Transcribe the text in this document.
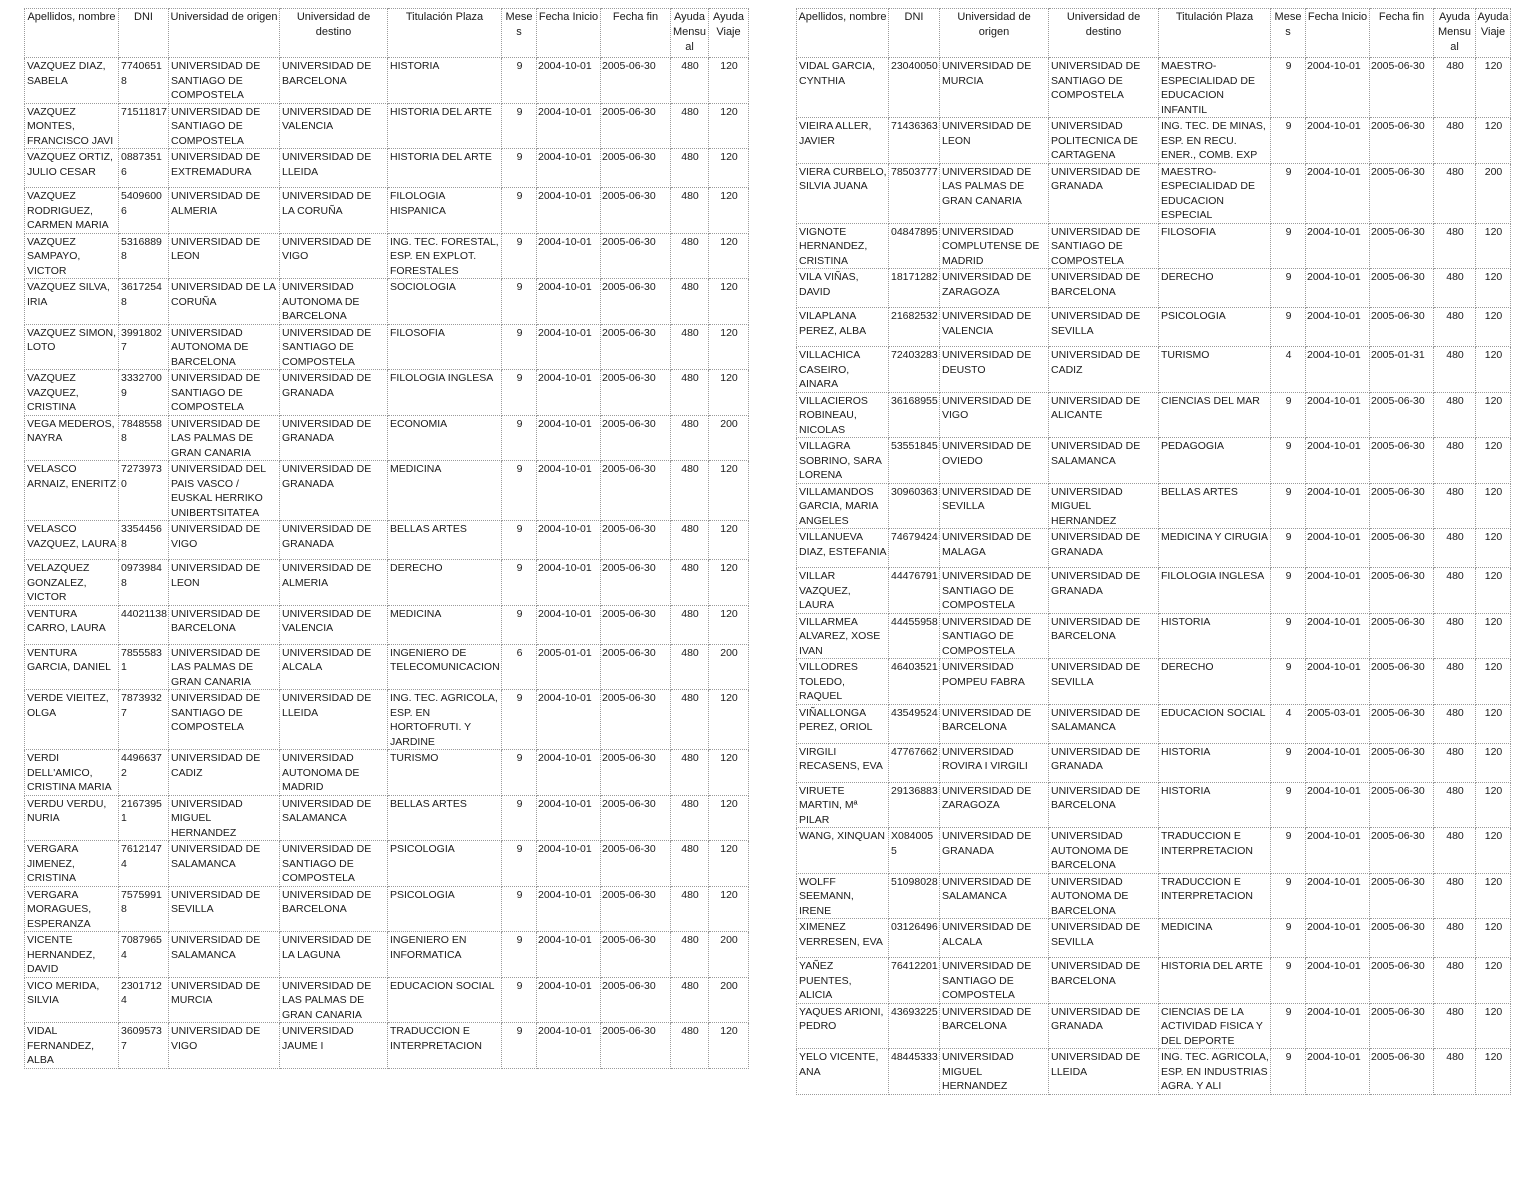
Apellidos, nombre	DNI	Universidad de origen	Universidad de destino	Titulación Plaza	Meses	Fecha Inicio	Fecha fin	Ayuda Mensual	Ayuda Viaje
VAZQUEZ DIAZ, SABELA	77406518	UNIVERSIDAD DE SANTIAGO DE COMPOSTELA	UNIVERSIDAD DE BARCELONA	HISTORIA	9	2004-10-01	2005-06-30	480	120
VAZQUEZ MONTES, FRANCISCO JAVI	71511817	UNIVERSIDAD DE SANTIAGO DE COMPOSTELA	UNIVERSIDAD DE VALENCIA	HISTORIA DEL ARTE	9	2004-10-01	2005-06-30	480	120
VAZQUEZ ORTIZ, JULIO CESAR	08873516	UNIVERSIDAD DE EXTREMADURA	UNIVERSIDAD DE LLEIDA	HISTORIA DEL ARTE	9	2004-10-01	2005-06-30	480	120
VAZQUEZ RODRIGUEZ, CARMEN MARIA	54096006	UNIVERSIDAD DE ALMERIA	UNIVERSIDAD DE LA CORUÑA	FILOLOGIA HISPANICA	9	2004-10-01	2005-06-30	480	120
VAZQUEZ SAMPAYO, VICTOR	53168898	UNIVERSIDAD DE LEON	UNIVERSIDAD DE VIGO	ING. TEC. FORESTAL, ESP. EN EXPLOT. FORESTALES	9	2004-10-01	2005-06-30	480	120
VAZQUEZ SILVA, IRIA	36172548	UNIVERSIDAD DE LA CORUÑA	UNIVERSIDAD AUTONOMA DE BARCELONA	SOCIOLOGIA	9	2004-10-01	2005-06-30	480	120
VAZQUEZ SIMON, LOTO	39918027	UNIVERSIDAD AUTONOMA DE BARCELONA	UNIVERSIDAD DE SANTIAGO DE COMPOSTELA	FILOSOFIA	9	2004-10-01	2005-06-30	480	120
VAZQUEZ VAZQUEZ, CRISTINA	33327009	UNIVERSIDAD DE SANTIAGO DE COMPOSTELA	UNIVERSIDAD DE GRANADA	FILOLOGIA INGLESA	9	2004-10-01	2005-06-30	480	120
VEGA MEDEROS, NAYRA	78485588	UNIVERSIDAD DE LAS PALMAS DE GRAN CANARIA	UNIVERSIDAD DE GRANADA	ECONOMIA	9	2004-10-01	2005-06-30	480	200
VELASCO ARNAIZ, ENERITZ	72739730	UNIVERSIDAD DEL PAIS VASCO / EUSKAL HERRIKO UNIBERTSITATEA	UNIVERSIDAD DE GRANADA	MEDICINA	9	2004-10-01	2005-06-30	480	120
VELASCO VAZQUEZ, LAURA	33544568	UNIVERSIDAD DE VIGO	UNIVERSIDAD DE GRANADA	BELLAS ARTES	9	2004-10-01	2005-06-30	480	120
VELAZQUEZ GONZALEZ, VICTOR	09739848	UNIVERSIDAD DE LEON	UNIVERSIDAD DE ALMERIA	DERECHO	9	2004-10-01	2005-06-30	480	120
VENTURA CARRO, LAURA	44021138	UNIVERSIDAD DE BARCELONA	UNIVERSIDAD DE VALENCIA	MEDICINA	9	2004-10-01	2005-06-30	480	120
VENTURA GARCIA, DANIEL	78555831	UNIVERSIDAD DE LAS PALMAS DE GRAN CANARIA	UNIVERSIDAD DE ALCALA	INGENIERO DE TELECOMUNICACION	6	2005-01-01	2005-06-30	480	200
VERDE VIEITEZ, OLGA	78739327	UNIVERSIDAD DE SANTIAGO DE COMPOSTELA	UNIVERSIDAD DE LLEIDA	ING. TEC. AGRICOLA, ESP. EN HORTOFRUTI. Y JARDINE	9	2004-10-01	2005-06-30	480	120
VERDI DELL'AMICO, CRISTINA MARIA	44966372	UNIVERSIDAD DE CADIZ	UNIVERSIDAD AUTONOMA DE MADRID	TURISMO	9	2004-10-01	2005-06-30	480	120
VERDU VERDU, NURIA	21673951	UNIVERSIDAD MIGUEL HERNANDEZ	UNIVERSIDAD DE SALAMANCA	BELLAS ARTES	9	2004-10-01	2005-06-30	480	120
VERGARA JIMENEZ, CRISTINA	76121474	UNIVERSIDAD DE SALAMANCA	UNIVERSIDAD DE SANTIAGO DE COMPOSTELA	PSICOLOGIA	9	2004-10-01	2005-06-30	480	120
VERGARA MORAGUES, ESPERANZA	75759918	UNIVERSIDAD DE SEVILLA	UNIVERSIDAD DE BARCELONA	PSICOLOGIA	9	2004-10-01	2005-06-30	480	120
VICENTE HERNANDEZ, DAVID	70879654	UNIVERSIDAD DE SALAMANCA	UNIVERSIDAD DE LA LAGUNA	INGENIERO EN INFORMATICA	9	2004-10-01	2005-06-30	480	200
VICO MERIDA, SILVIA	23017124	UNIVERSIDAD DE MURCIA	UNIVERSIDAD DE LAS PALMAS DE GRAN CANARIA	EDUCACION SOCIAL	9	2004-10-01	2005-06-30	480	200
VIDAL FERNANDEZ, ALBA	36095737	UNIVERSIDAD DE VIGO	UNIVERSIDAD JAUME I	TRADUCCION E INTERPRETACION	9	2004-10-01	2005-06-30	480	120
Apellidos, nombre	DNI	Universidad de origen	Universidad de destino	Titulación Plaza	Meses	Fecha Inicio	Fecha fin	Ayuda Mensual	Ayuda Viaje
VIDAL GARCIA, CYNTHIA	23040050	UNIVERSIDAD DE MURCIA	UNIVERSIDAD DE SANTIAGO DE COMPOSTELA	MAESTRO-ESPECIALIDAD DE EDUCACION INFANTIL	9	2004-10-01	2005-06-30	480	120
VIEIRA ALLER, JAVIER	71436363	UNIVERSIDAD DE LEON	UNIVERSIDAD POLITECNICA DE CARTAGENA	ING. TEC. DE MINAS, ESP. EN RECU. ENER., COMB. EXP	9	2004-10-01	2005-06-30	480	120
VIERA CURBELO, SILVIA JUANA	78503777	UNIVERSIDAD DE LAS PALMAS DE GRAN CANARIA	UNIVERSIDAD DE GRANADA	MAESTRO-ESPECIALIDAD DE EDUCACION ESPECIAL	9	2004-10-01	2005-06-30	480	200
VIGNOTE HERNANDEZ, CRISTINA	04847895	UNIVERSIDAD COMPLUTENSE DE MADRID	UNIVERSIDAD DE SANTIAGO DE COMPOSTELA	FILOSOFIA	9	2004-10-01	2005-06-30	480	120
VILA VIÑAS, DAVID	18171282	UNIVERSIDAD DE ZARAGOZA	UNIVERSIDAD DE BARCELONA	DERECHO	9	2004-10-01	2005-06-30	480	120
VILAPLANA PEREZ, ALBA	21682532	UNIVERSIDAD DE VALENCIA	UNIVERSIDAD DE SEVILLA	PSICOLOGIA	9	2004-10-01	2005-06-30	480	120
VILLACHICA CASEIRO, AINARA	72403283	UNIVERSIDAD DE DEUSTO	UNIVERSIDAD DE CADIZ	TURISMO	4	2004-10-01	2005-01-31	480	120
VILLACIEROS ROBINEAU, NICOLAS	36168955	UNIVERSIDAD DE VIGO	UNIVERSIDAD DE ALICANTE	CIENCIAS DEL MAR	9	2004-10-01	2005-06-30	480	120
VILLAGRA SOBRINO, SARA LORENA	53551845	UNIVERSIDAD DE OVIEDO	UNIVERSIDAD DE SALAMANCA	PEDAGOGIA	9	2004-10-01	2005-06-30	480	120
VILLAMANDOS GARCIA, MARIA ANGELES	30960363	UNIVERSIDAD DE SEVILLA	UNIVERSIDAD MIGUEL HERNANDEZ	BELLAS ARTES	9	2004-10-01	2005-06-30	480	120
VILLANUEVA DIAZ, ESTEFANIA	74679424	UNIVERSIDAD DE MALAGA	UNIVERSIDAD DE GRANADA	MEDICINA Y CIRUGIA	9	2004-10-01	2005-06-30	480	120
VILLAR VAZQUEZ, LAURA	44476791	UNIVERSIDAD DE SANTIAGO DE COMPOSTELA	UNIVERSIDAD DE GRANADA	FILOLOGIA INGLESA	9	2004-10-01	2005-06-30	480	120
VILLARMEA ALVAREZ, XOSE IVAN	44455958	UNIVERSIDAD DE SANTIAGO DE COMPOSTELA	UNIVERSIDAD DE BARCELONA	HISTORIA	9	2004-10-01	2005-06-30	480	120
VILLODRES TOLEDO, RAQUEL	46403521	UNIVERSIDAD POMPEU FABRA	UNIVERSIDAD DE SEVILLA	DERECHO	9	2004-10-01	2005-06-30	480	120
VIÑALLONGA PEREZ, ORIOL	43549524	UNIVERSIDAD DE BARCELONA	UNIVERSIDAD DE SALAMANCA	EDUCACION SOCIAL	4	2005-03-01	2005-06-30	480	120
VIRGILI RECASENS, EVA	47767662	UNIVERSIDAD ROVIRA I VIRGILI	UNIVERSIDAD DE GRANADA	HISTORIA	9	2004-10-01	2005-06-30	480	120
VIRUETE MARTIN, Mª PILAR	29136883	UNIVERSIDAD DE ZARAGOZA	UNIVERSIDAD DE BARCELONA	HISTORIA	9	2004-10-01	2005-06-30	480	120
WANG, XINQUAN	X0840055	UNIVERSIDAD DE GRANADA	UNIVERSIDAD AUTONOMA DE BARCELONA	TRADUCCION E INTERPRETACION	9	2004-10-01	2005-06-30	480	120
WOLFF SEEMANN, IRENE	51098028	UNIVERSIDAD DE SALAMANCA	UNIVERSIDAD AUTONOMA DE BARCELONA	TRADUCCION E INTERPRETACION	9	2004-10-01	2005-06-30	480	120
XIMENEZ VERRESEN, EVA	03126496	UNIVERSIDAD DE ALCALA	UNIVERSIDAD DE SEVILLA	MEDICINA	9	2004-10-01	2005-06-30	480	120
YAÑEZ PUENTES, ALICIA	76412201	UNIVERSIDAD DE SANTIAGO DE COMPOSTELA	UNIVERSIDAD DE BARCELONA	HISTORIA DEL ARTE	9	2004-10-01	2005-06-30	480	120
YAQUES ARIONI, PEDRO	43693225	UNIVERSIDAD DE BARCELONA	UNIVERSIDAD DE GRANADA	CIENCIAS DE LA ACTIVIDAD FISICA Y DEL DEPORTE	9	2004-10-01	2005-06-30	480	120
YELO VICENTE, ANA	48445333	UNIVERSIDAD MIGUEL HERNANDEZ	UNIVERSIDAD DE LLEIDA	ING. TEC. AGRICOLA, ESP. EN INDUSTRIAS AGRA. Y ALI	9	2004-10-01	2005-06-30	480	120
